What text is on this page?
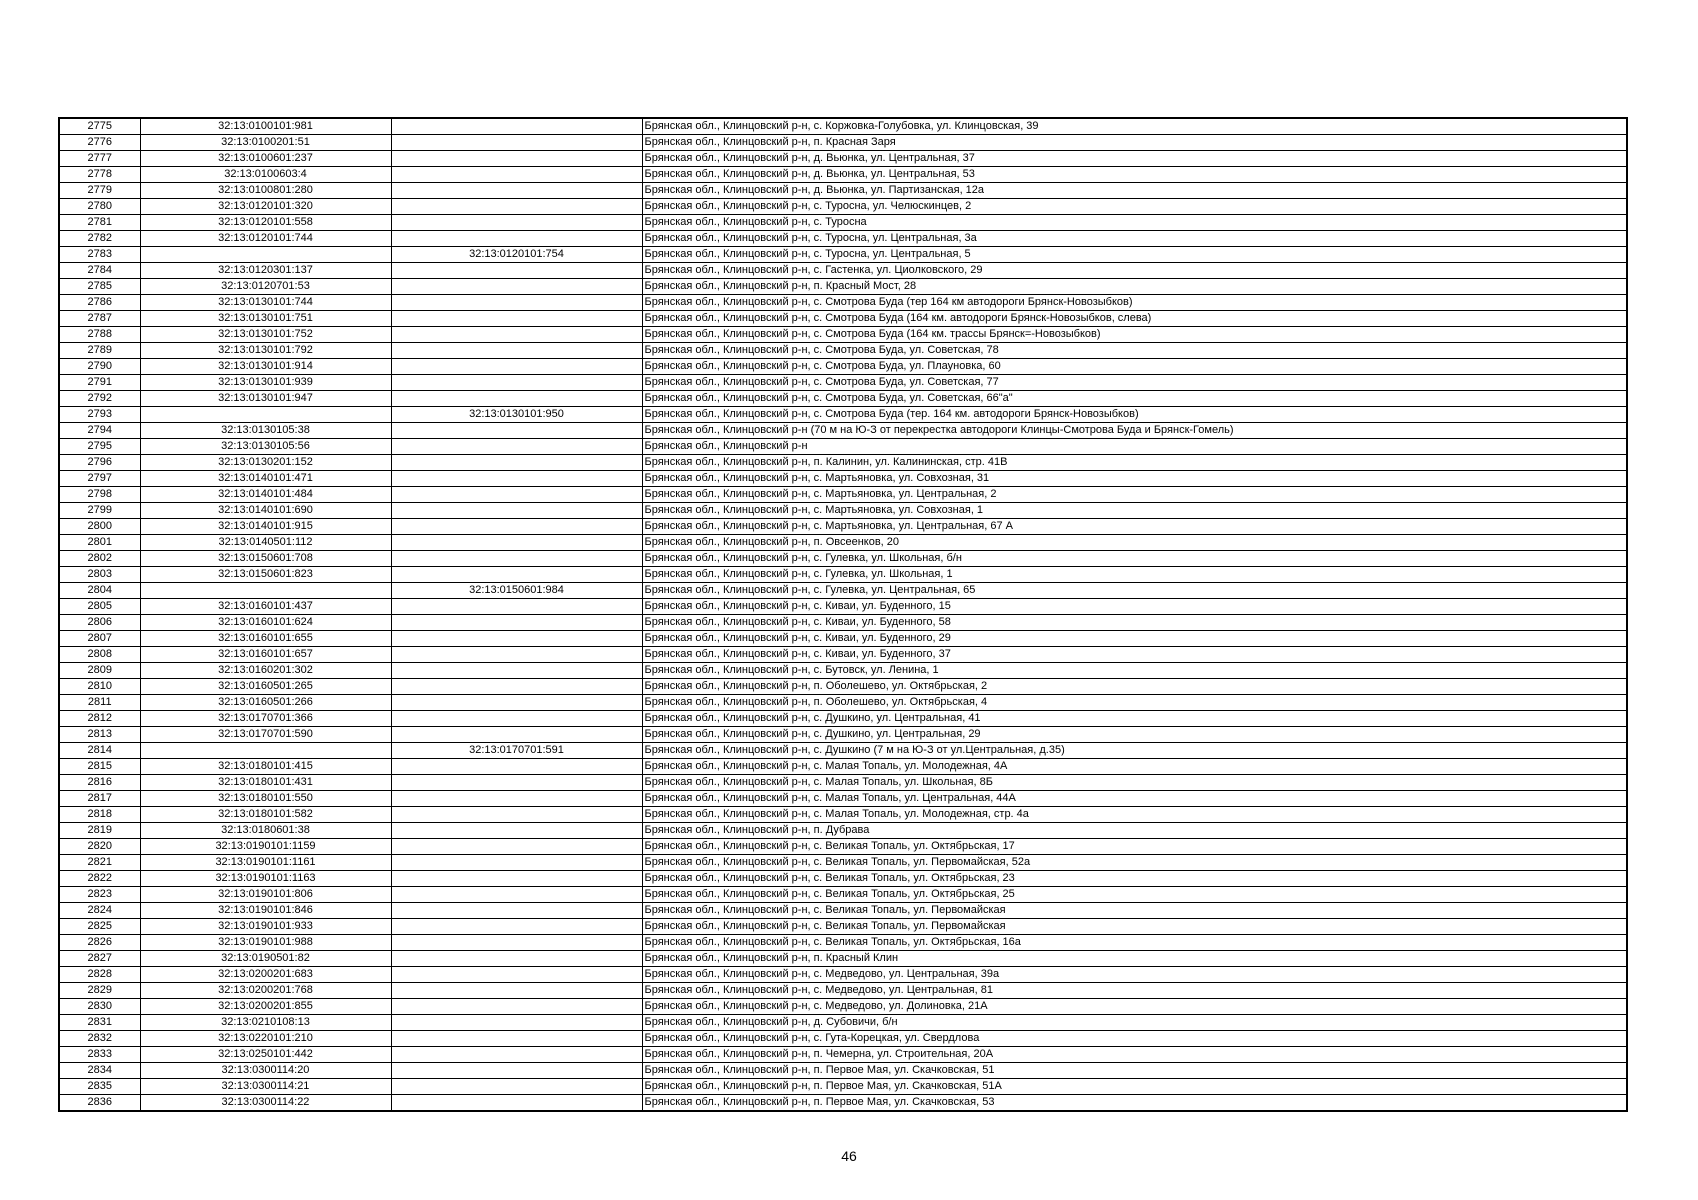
2775	32:13:0100101:981		Брянская обл., Клинцовский р-н, с. Коржовка-Голубовка, ул. Клинцовская, 39
2776	32:13:0100201:51		Брянская обл., Клинцовский р-н, п. Красная Заря
2777	32:13:0100601:237		Брянская обл., Клинцовский р-н, д. Вьюнка, ул. Центральная, 37
2778	32:13:0100603:4		Брянская обл., Клинцовский р-н, д. Вьюнка, ул. Центральная, 53
2779	32:13:0100801:280		Брянская обл., Клинцовский р-н, д. Вьюнка, ул. Партизанская, 12а
2780	32:13:0120101:320		Брянская обл., Клинцовский р-н, с. Туросна, ул. Челюскинцев, 2
2781	32:13:0120101:558		Брянская обл., Клинцовский р-н, с. Туросна
2782	32:13:0120101:744		Брянская обл., Клинцовский р-н, с. Туросна, ул. Центральная, 3а
2783		32:13:0120101:754	Брянская обл., Клинцовский р-н, с. Туросна, ул. Центральная, 5
2784	32:13:0120301:137		Брянская обл., Клинцовский р-н, с. Гастенка, ул. Циолковского, 29
2785	32:13:0120701:53		Брянская обл., Клинцовский р-н, п. Красный Мост, 28
2786	32:13:0130101:744		Брянская обл., Клинцовский р-н, с. Смотрова Буда (тер 164 км автодороги Брянск-Новозыбков)
2787	32:13:0130101:751		Брянская обл., Клинцовский р-н, с. Смотрова Буда (164 км. автодороги Брянск-Новозыбков, слева)
2788	32:13:0130101:752		Брянская обл., Клинцовский р-н, с. Смотрова Буда (164 км. трассы Брянск=-Новозыбков)
2789	32:13:0130101:792		Брянская обл., Клинцовский р-н, с. Смотрова Буда, ул. Советская, 78
2790	32:13:0130101:914		Брянская обл., Клинцовский р-н, с. Смотрова Буда, ул. Плауновка, 60
2791	32:13:0130101:939		Брянская обл., Клинцовский р-н, с. Смотрова Буда, ул. Советская, 77
2792	32:13:0130101:947		Брянская обл., Клинцовский р-н, с. Смотрова Буда, ул. Советская, 66"а"
2793		32:13:0130101:950	Брянская обл., Клинцовский р-н, с. Смотрова Буда (тер. 164 км. автодороги Брянск-Новозыбков)
2794	32:13:0130105:38		Брянская обл., Клинцовский р-н (70 м на Ю-З от перекрестка автодороги Клинцы-Смотрова Буда и Брянск-Гомель)
2795	32:13:0130105:56		Брянская обл., Клинцовский р-н
2796	32:13:0130201:152		Брянская обл., Клинцовский р-н, п. Калинин, ул. Калининская, стр. 41В
2797	32:13:0140101:471		Брянская обл., Клинцовский р-н, с. Мартьяновка, ул. Совхозная, 31
2798	32:13:0140101:484		Брянская обл., Клинцовский р-н, с. Мартьяновка, ул. Центральная, 2
2799	32:13:0140101:690		Брянская обл., Клинцовский р-н, с. Мартьяновка, ул. Совхозная, 1
2800	32:13:0140101:915		Брянская обл., Клинцовский р-н, с. Мартьяновка, ул. Центральная, 67 А
2801	32:13:0140501:112		Брянская обл., Клинцовский р-н, п. Овсеенков, 20
2802	32:13:0150601:708		Брянская обл., Клинцовский р-н, с. Гулевка, ул. Школьная, б/н
2803	32:13:0150601:823		Брянская обл., Клинцовский р-н, с. Гулевка, ул. Школьная, 1
2804		32:13:0150601:984	Брянская обл., Клинцовский р-н, с. Гулевка, ул. Центральная, 65
2805	32:13:0160101:437		Брянская обл., Клинцовский р-н, с. Киваи, ул. Буденного, 15
2806	32:13:0160101:624		Брянская обл., Клинцовский р-н, с. Киваи, ул. Буденного, 58
2807	32:13:0160101:655		Брянская обл., Клинцовский р-н, с. Киваи, ул. Буденного, 29
2808	32:13:0160101:657		Брянская обл., Клинцовский р-н, с. Киваи, ул. Буденного, 37
2809	32:13:0160201:302		Брянская обл., Клинцовский р-н, с. Бутовск, ул. Ленина, 1
2810	32:13:0160501:265		Брянская обл., Клинцовский р-н, п. Оболешево, ул. Октябрьская, 2
2811	32:13:0160501:266		Брянская обл., Клинцовский р-н, п. Оболешево, ул. Октябрьская, 4
2812	32:13:0170701:366		Брянская обл., Клинцовский р-н, с. Душкино, ул. Центральная, 41
2813	32:13:0170701:590		Брянская обл., Клинцовский р-н, с. Душкино, ул. Центральная, 29
2814		32:13:0170701:591	Брянская обл., Клинцовский р-н, с. Душкино (7 м на Ю-З от ул.Центральная, д.35)
2815	32:13:0180101:415		Брянская обл., Клинцовский р-н, с. Малая Топаль, ул. Молодежная, 4А
2816	32:13:0180101:431		Брянская обл., Клинцовский р-н, с. Малая Топаль, ул. Школьная, 8Б
2817	32:13:0180101:550		Брянская обл., Клинцовский р-н, с. Малая Топаль, ул. Центральная, 44А
2818	32:13:0180101:582		Брянская обл., Клинцовский р-н, с. Малая Топаль, ул. Молодежная, стр. 4а
2819	32:13:0180601:38		Брянская обл., Клинцовский р-н, п. Дубрава
2820	32:13:0190101:1159		Брянская обл., Клинцовский р-н, с. Великая Топаль, ул. Октябрьская, 17
2821	32:13:0190101:1161		Брянская обл., Клинцовский р-н, с. Великая Топаль, ул. Первомайская, 52а
2822	32:13:0190101:1163		Брянская обл., Клинцовский р-н, с. Великая Топаль, ул. Октябрьская, 23
2823	32:13:0190101:806		Брянская обл., Клинцовский р-н, с. Великая Топаль, ул. Октябрьская, 25
2824	32:13:0190101:846		Брянская обл., Клинцовский р-н, с. Великая Топаль, ул. Первомайская
2825	32:13:0190101:933		Брянская обл., Клинцовский р-н, с. Великая Топаль, ул. Первомайская
2826	32:13:0190101:988		Брянская обл., Клинцовский р-н, с. Великая Топаль, ул. Октябрьская, 16а
2827	32:13:0190501:82		Брянская обл., Клинцовский р-н, п. Красный Клин
2828	32:13:0200201:683		Брянская обл., Клинцовский р-н, с. Медведово, ул. Центральная, 39а
2829	32:13:0200201:768		Брянская обл., Клинцовский р-н, с. Медведово, ул. Центральная, 81
2830	32:13:0200201:855		Брянская обл., Клинцовский р-н, с. Медведово, ул. Долиновка, 21А
2831	32:13:0210108:13		Брянская обл., Клинцовский р-н, д. Субовичи, б/н
2832	32:13:0220101:210		Брянская обл., Клинцовский р-н, с. Гута-Корецкая, ул. Свердлова
2833	32:13:0250101:442		Брянская обл., Клинцовский р-н, п. Чемерна, ул. Строительная, 20А
2834	32:13:0300114:20		Брянская обл., Клинцовский р-н, п. Первое Мая, ул. Скачковская, 51
2835	32:13:0300114:21		Брянская обл., Клинцовский р-н, п. Первое Мая, ул. Скачковская, 51А
2836	32:13:0300114:22		Брянская обл., Клинцовский р-н, п. Первое Мая, ул. Скачковская, 53
46
